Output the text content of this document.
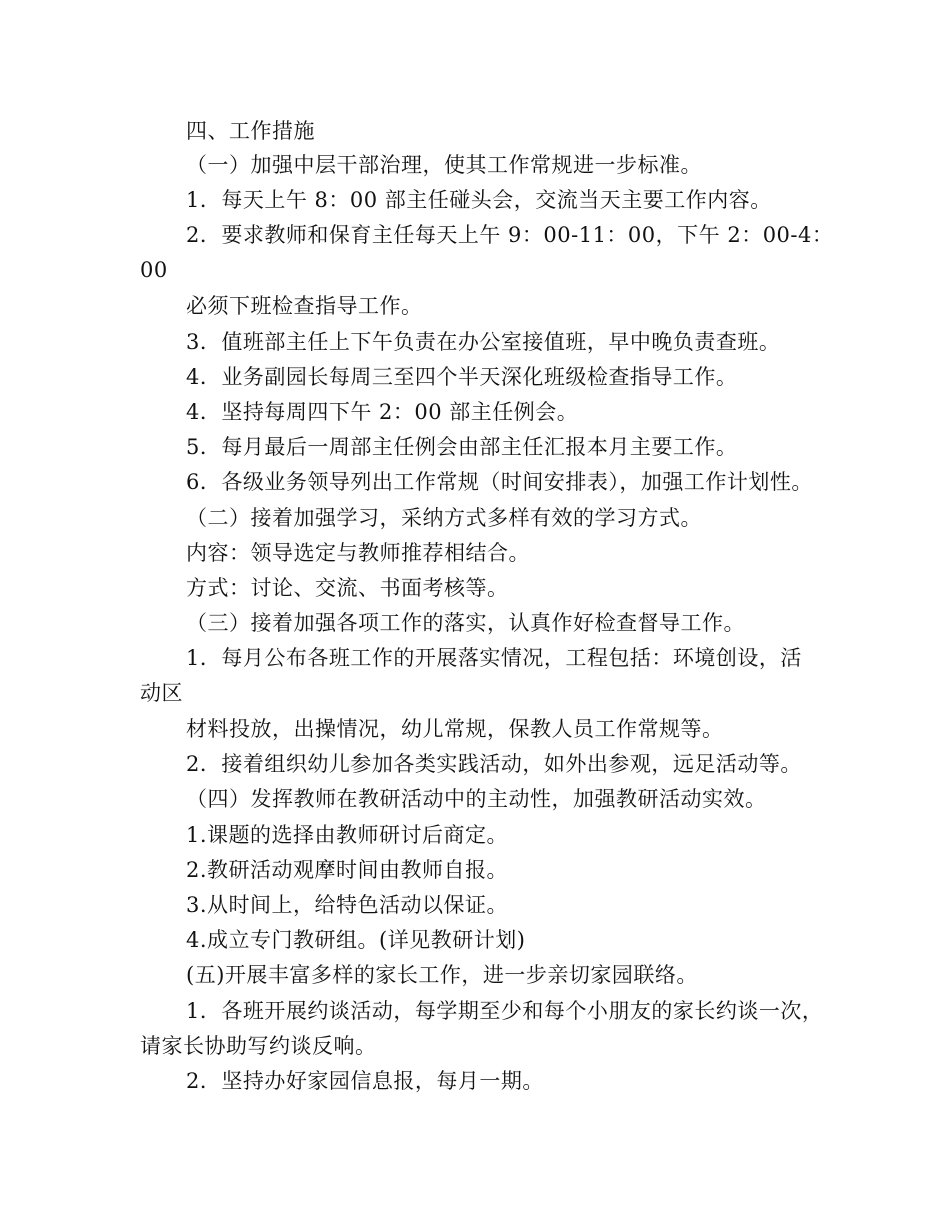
四、工作措施
（一）加强中层干部治理，使其工作常规进一步标准。
1．每天上午 8：00 部主任碰头会，交流当天主要工作内容。
2．要求教师和保育主任每天上午 9：00-11：00，下午 2：00-4：
00
必须下班检查指导工作。
3．值班部主任上下午负责在办公室接值班，早中晚负责查班。
4．业务副园长每周三至四个半天深化班级检查指导工作。
4．坚持每周四下午 2：00 部主任例会。
5．每月最后一周部主任例会由部主任汇报本月主要工作。
6．各级业务领导列出工作常规（时间安排表），加强工作计划性。
（二）接着加强学习，采纳方式多样有效的学习方式。
内容：领导选定与教师推荐相结合。
方式：讨论、交流、书面考核等。
（三）接着加强各项工作的落实，认真作好检查督导工作。
1．每月公布各班工作的开展落实情况，工程包括：环境创设，活
动区
材料投放，出操情况，幼儿常规，保教人员工作常规等。
2．接着组织幼儿参加各类实践活动，如外出参观，远足活动等。
（四）发挥教师在教研活动中的主动性，加强教研活动实效。
1.课题的选择由教师研讨后商定。
2.教研活动观摩时间由教师自报。
3.从时间上，给特色活动以保证。
4.成立专门教研组。(详见教研计划)
(五)开展丰富多样的家长工作，进一步亲切家园联络。
1．各班开展约谈活动，每学期至少和每个小朋友的家长约谈一次，
请家长协助写约谈反响。
2．坚持办好家园信息报，每月一期。
